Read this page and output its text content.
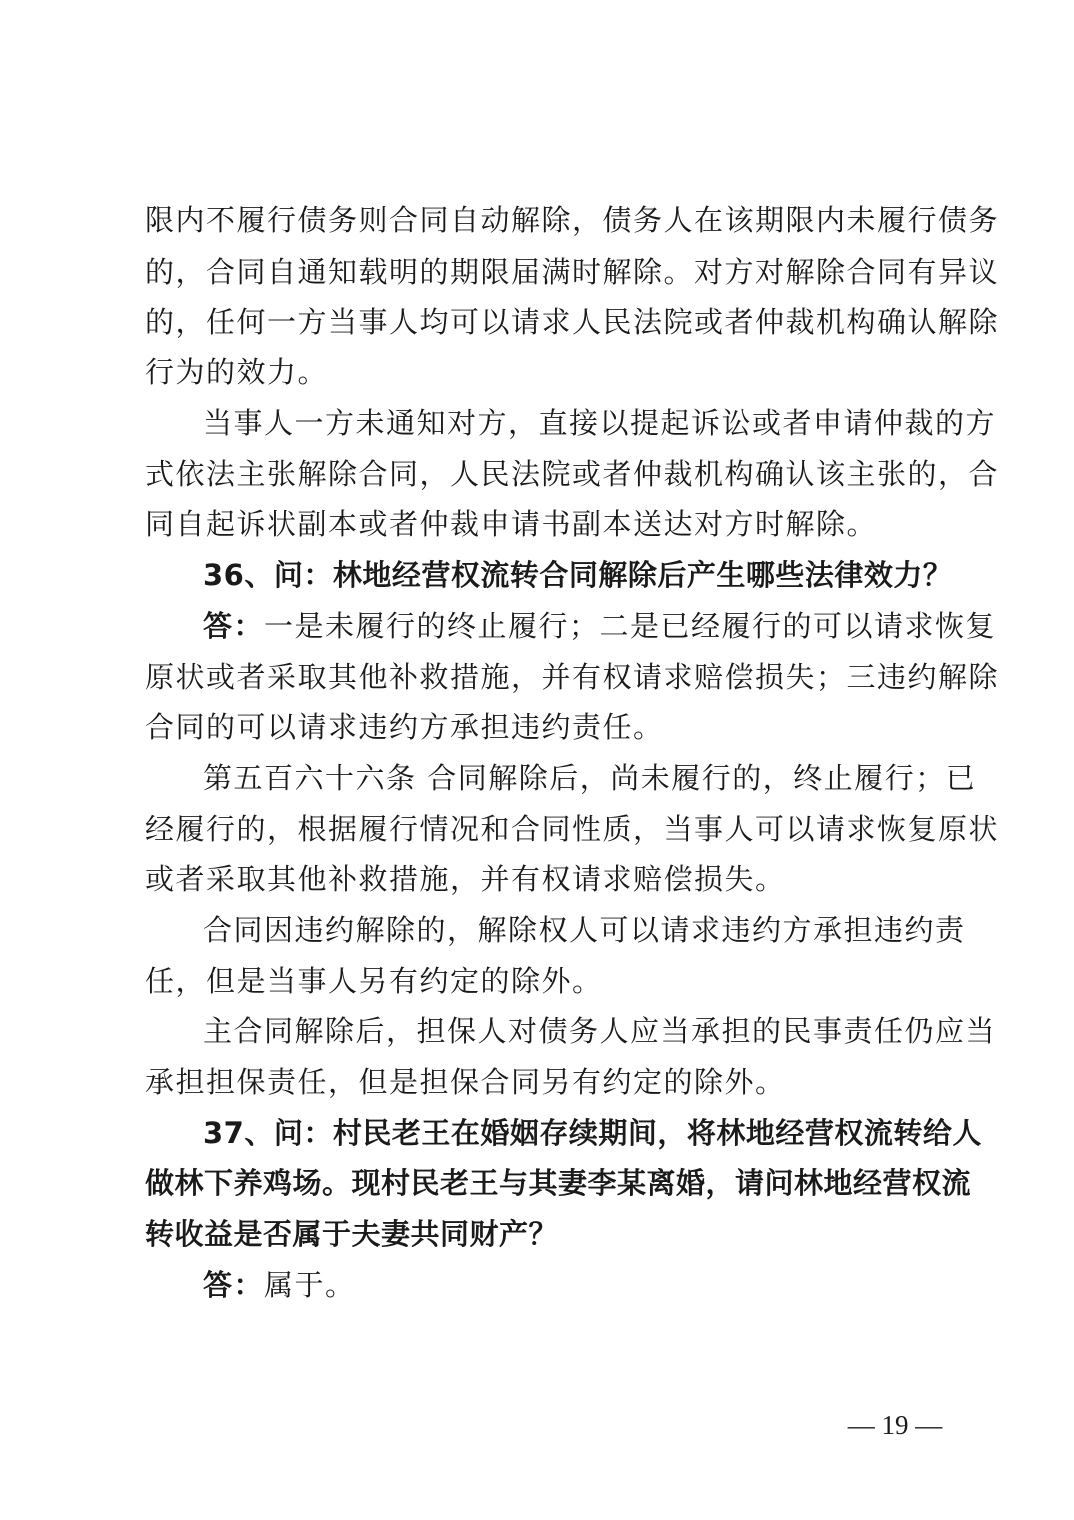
限内不履行债务则合同自动解除，债务人在该期限内未履行债务
的，合同自通知载明的期限届满时解除。对方对解除合同有异议
的，任何一方当事人均可以请求人民法院或者仲裁机构确认解除
行为的效力。
当事人一方未通知对方，直接以提起诉讼或者申请仲裁的方
式依法主张解除合同，人民法院或者仲裁机构确认该主张的，合
同自起诉状副本或者仲裁申请书副本送达对方时解除。
36、问：林地经营权流转合同解除后产生哪些法律效力？
答：一是未履行的终止履行；二是已经履行的可以请求恢复
原状或者采取其他补救措施，并有权请求赔偿损失；三违约解除
合同的可以请求违约方承担违约责任。
第五百六十六条 合同解除后，尚未履行的，终止履行；已
经履行的，根据履行情况和合同性质，当事人可以请求恢复原状
或者采取其他补救措施，并有权请求赔偿损失。
合同因违约解除的，解除权人可以请求违约方承担违约责
任，但是当事人另有约定的除外。
主合同解除后，担保人对债务人应当承担的民事责任仍应当
承担担保责任，但是担保合同另有约定的除外。
37、问：村民老王在婚姻存续期间，将林地经营权流转给人
做林下养鸡场。现村民老王与其妻李某离婚，请问林地经营权流
转收益是否属于夫妻共同财产？
答：属于。
— 19 —
